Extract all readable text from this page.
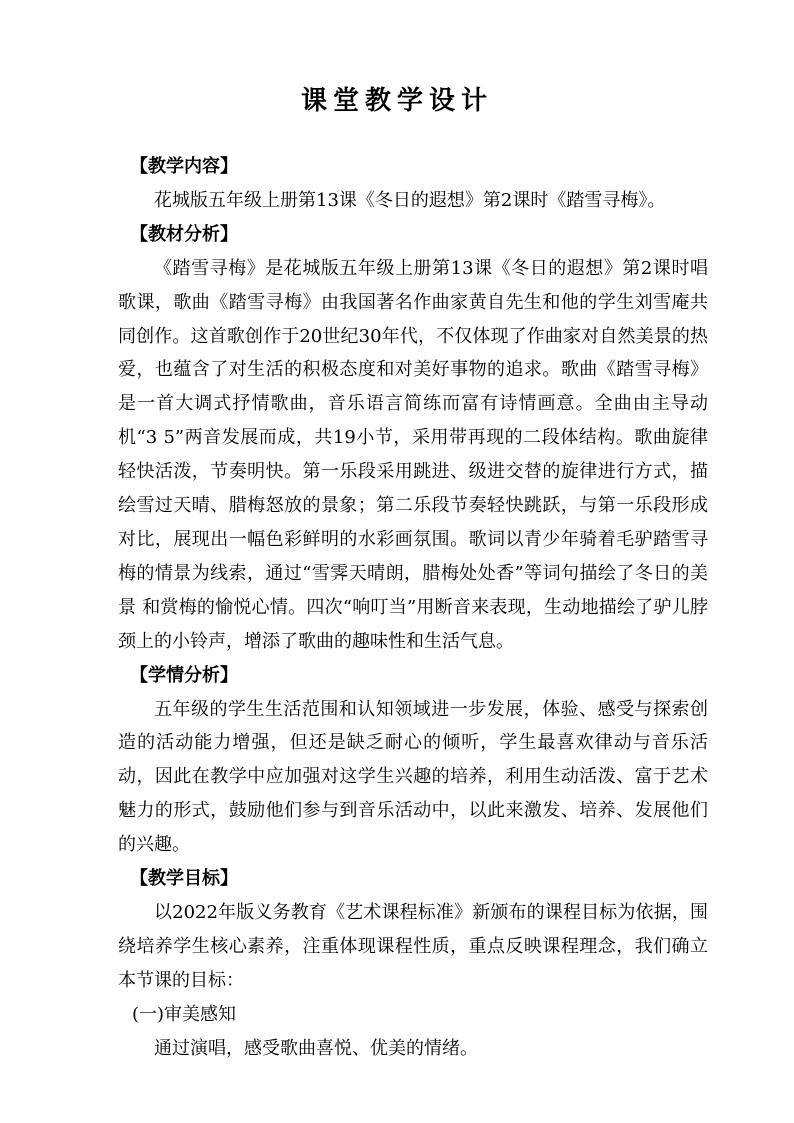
课堂教学设计
【教学内容】

花城版五年级上册第13课《冬日的遐想》第2课时《踏雪寻梅》。

【教材分析】

《踏雪寻梅》是花城版五年级上册第13课《冬日的遐想》第2课时唱歌课，歌曲《踏雪寻梅》由我国著名作曲家黄自先生和他的学生刘雪庵共同创作。这首歌创作于20世纪30年代，不仅体现了作曲家对自然美景的热爱，也蕴含了对生活的积极态度和对美好事物的追求。歌曲《踏雪寻梅》是一首大调式抒情歌曲，音乐语言简练而富有诗情画意。全曲由主导动机“3 5”两音发展而成，共19小节，采用带再现的二段体结构。歌曲旋律轻快活泼，节奏明快。第一乐段采用跳进、级进交替的旋律进行方式，描绘雪过天晴、腊梅怒放的景象；第二乐段节奏轻快跳跃，与第一乐段形成对比，展现出一幅色彩鲜明的水彩画氛围。歌词以青少年骑着毛驴踏雪寻梅的情景为线索，通过“雪霁天晴朗，腊梅处处香”等词句描绘了冬日的美景 和赏梅的愉悦心情。四次“响叮当”用断音来表现，生动地描绘了驴儿脖颈上的小铃声，增添了歌曲的趣味性和生活气息。

【学情分析】

五年级的学生生活范围和认知领域进一步发展，体验、感受与探索创造的活动能力增强，但还是缺乏耐心的倾听，学生最喜欢律动与音乐活动，因此在教学中应加强对这学生兴趣的培养，利用生动活泼、富于艺术魅力的形式，鼓励他们参与到音乐活动中，以此来激发、培养、发展他们的兴趣。

【教学目标】

以2022年版义务教育《艺术课程标准》新颁布的课程目标为依据，围绕培养学生核心素养，注重体现课程性质，重点反映课程理念，我们确立本节课的目标：

(一)审美感知

通过演唱，感受歌曲喜悦、优美的情绪。
